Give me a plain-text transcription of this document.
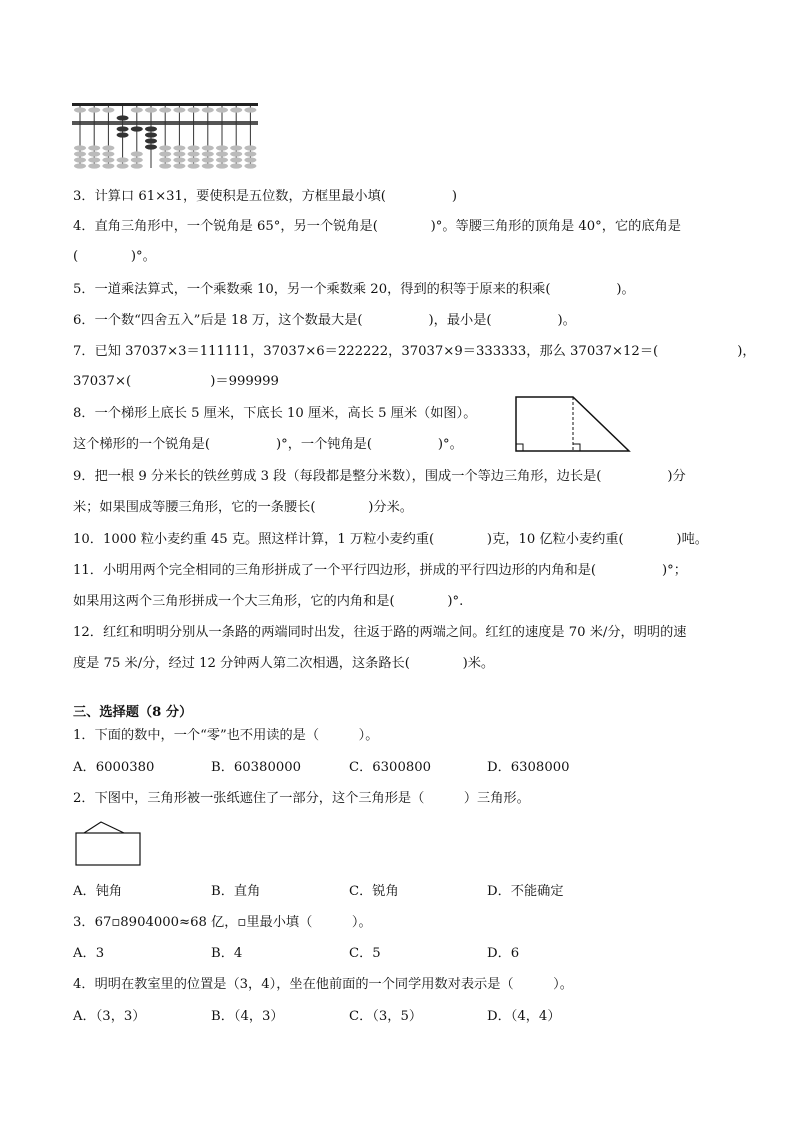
3．计算口 61×31，要使积是五位数，方框里最小填(　　　　　)
4．直角三角形中，一个锐角是 65°，另一个锐角是(　　　　)°。等腰三角形的顶角是 40°，它的底角是
(　　　　)°。
5．一道乘法算式，一个乘数乘 10，另一个乘数乘 20，得到的积等于原来的积乘(　　　　　)。
6．一个数“四舍五入”后是 18 万，这个数最大是(　　　　　)，最小是(　　　　　)。
7．已知 37037×3＝111111，37037×6＝222222，37037×9＝333333，那么 37037×12＝(　　　　　　)，
37037×(　　　　　　)＝999999
8．一个梯形上底长 5 厘米，下底长 10 厘米，高长 5 厘米（如图）。
这个梯形的一个锐角是(　　　　　)°，一个钝角是(　　　　　)°。
9．把一根 9 分米长的铁丝剪成 3 段（每段都是整分米数），围成一个等边三角形，边长是(　　　　　)分
米；如果围成等腰三角形，它的一条腰长(　　　　)分米。
10．1000 粒小麦约重 45 克。照这样计算，1 万粒小麦约重(　　　　)克，10 亿粒小麦约重(　　　　)吨。
11．小明用两个完全相同的三角形拼成了一个平行四边形，拼成的平行四边形的内角和是(　　　　　)°；
如果用这两个三角形拼成一个大三角形，它的内角和是(　　　　)°.
12．红红和明明分别从一条路的两端同时出发，往返于路的两端之间。红红的速度是 70 米/分，明明的速
度是 75 米/分，经过 12 分钟两人第二次相遇，这条路长(　　　　)米。
三、选择题（8 分）
1．下面的数中，一个“零”也不用读的是（　　　）。
A．6000380	B．60380000	C．6300800	D．6308000
2．下图中，三角形被一张纸遮住了一部分，这个三角形是（　　　）三角形。
A．钝角	B．直角	C．锐角	D．不能确定
3．67▫8904000≈68 亿，▫里最小填（　　　）。
A．3	B．4	C．5	D．6
4．明明在教室里的位置是（3，4），坐在他前面的一个同学用数对表示是（　　　）。
A．（3，3）	B．（4，3）	C．（3，5）	D．（4，4）
